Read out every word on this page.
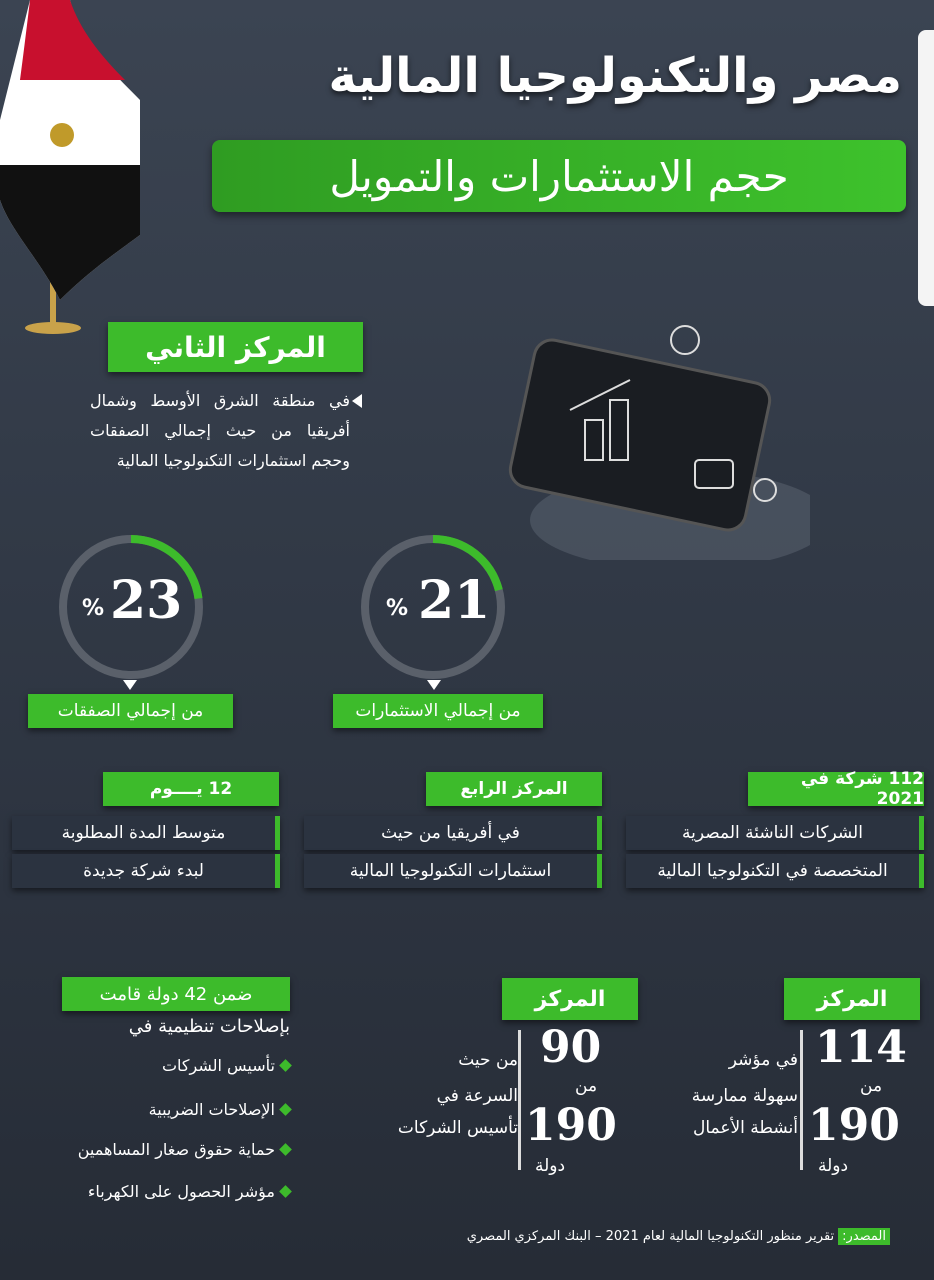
مصر والتكنولوجيا المالية
حجم الاستثمارات والتمويل
المركز الثاني
في منطقة الشرق الأوسط وشمال أفريقيا من حيث إجمالي الصفقات وحجم استثمارات التكنولوجيا المالية
23
%
من إجمالي الصفقات
21
%
من إجمالي الاستثمارات
12 يــــوم
متوسط المدة المطلوبة
لبدء شركة جديدة
المركز الرابع
في أفريقيا من حيث
استثمارات التكنولوجيا المالية
112 شركة في 2021
الشركات الناشئة المصرية
المتخصصة في التكنولوجيا المالية
ضمن 42 دولة قامت
بإصلاحات تنظيمية في
تأسيس الشركات
الإصلاحات الضريبية
حماية حقوق صغار المساهمين
مؤشر الحصول على الكهرباء
المركز
90
من
190
دولة
من حيث
السرعة في
تأسيس الشركات
المركز
114
من
190
دولة
في مؤشر
سهولة ممارسة
أنشطة الأعمال
المصدر:
تقرير منظور التكنولوجيا المالية لعام 2021 – البنك المركزي المصري
